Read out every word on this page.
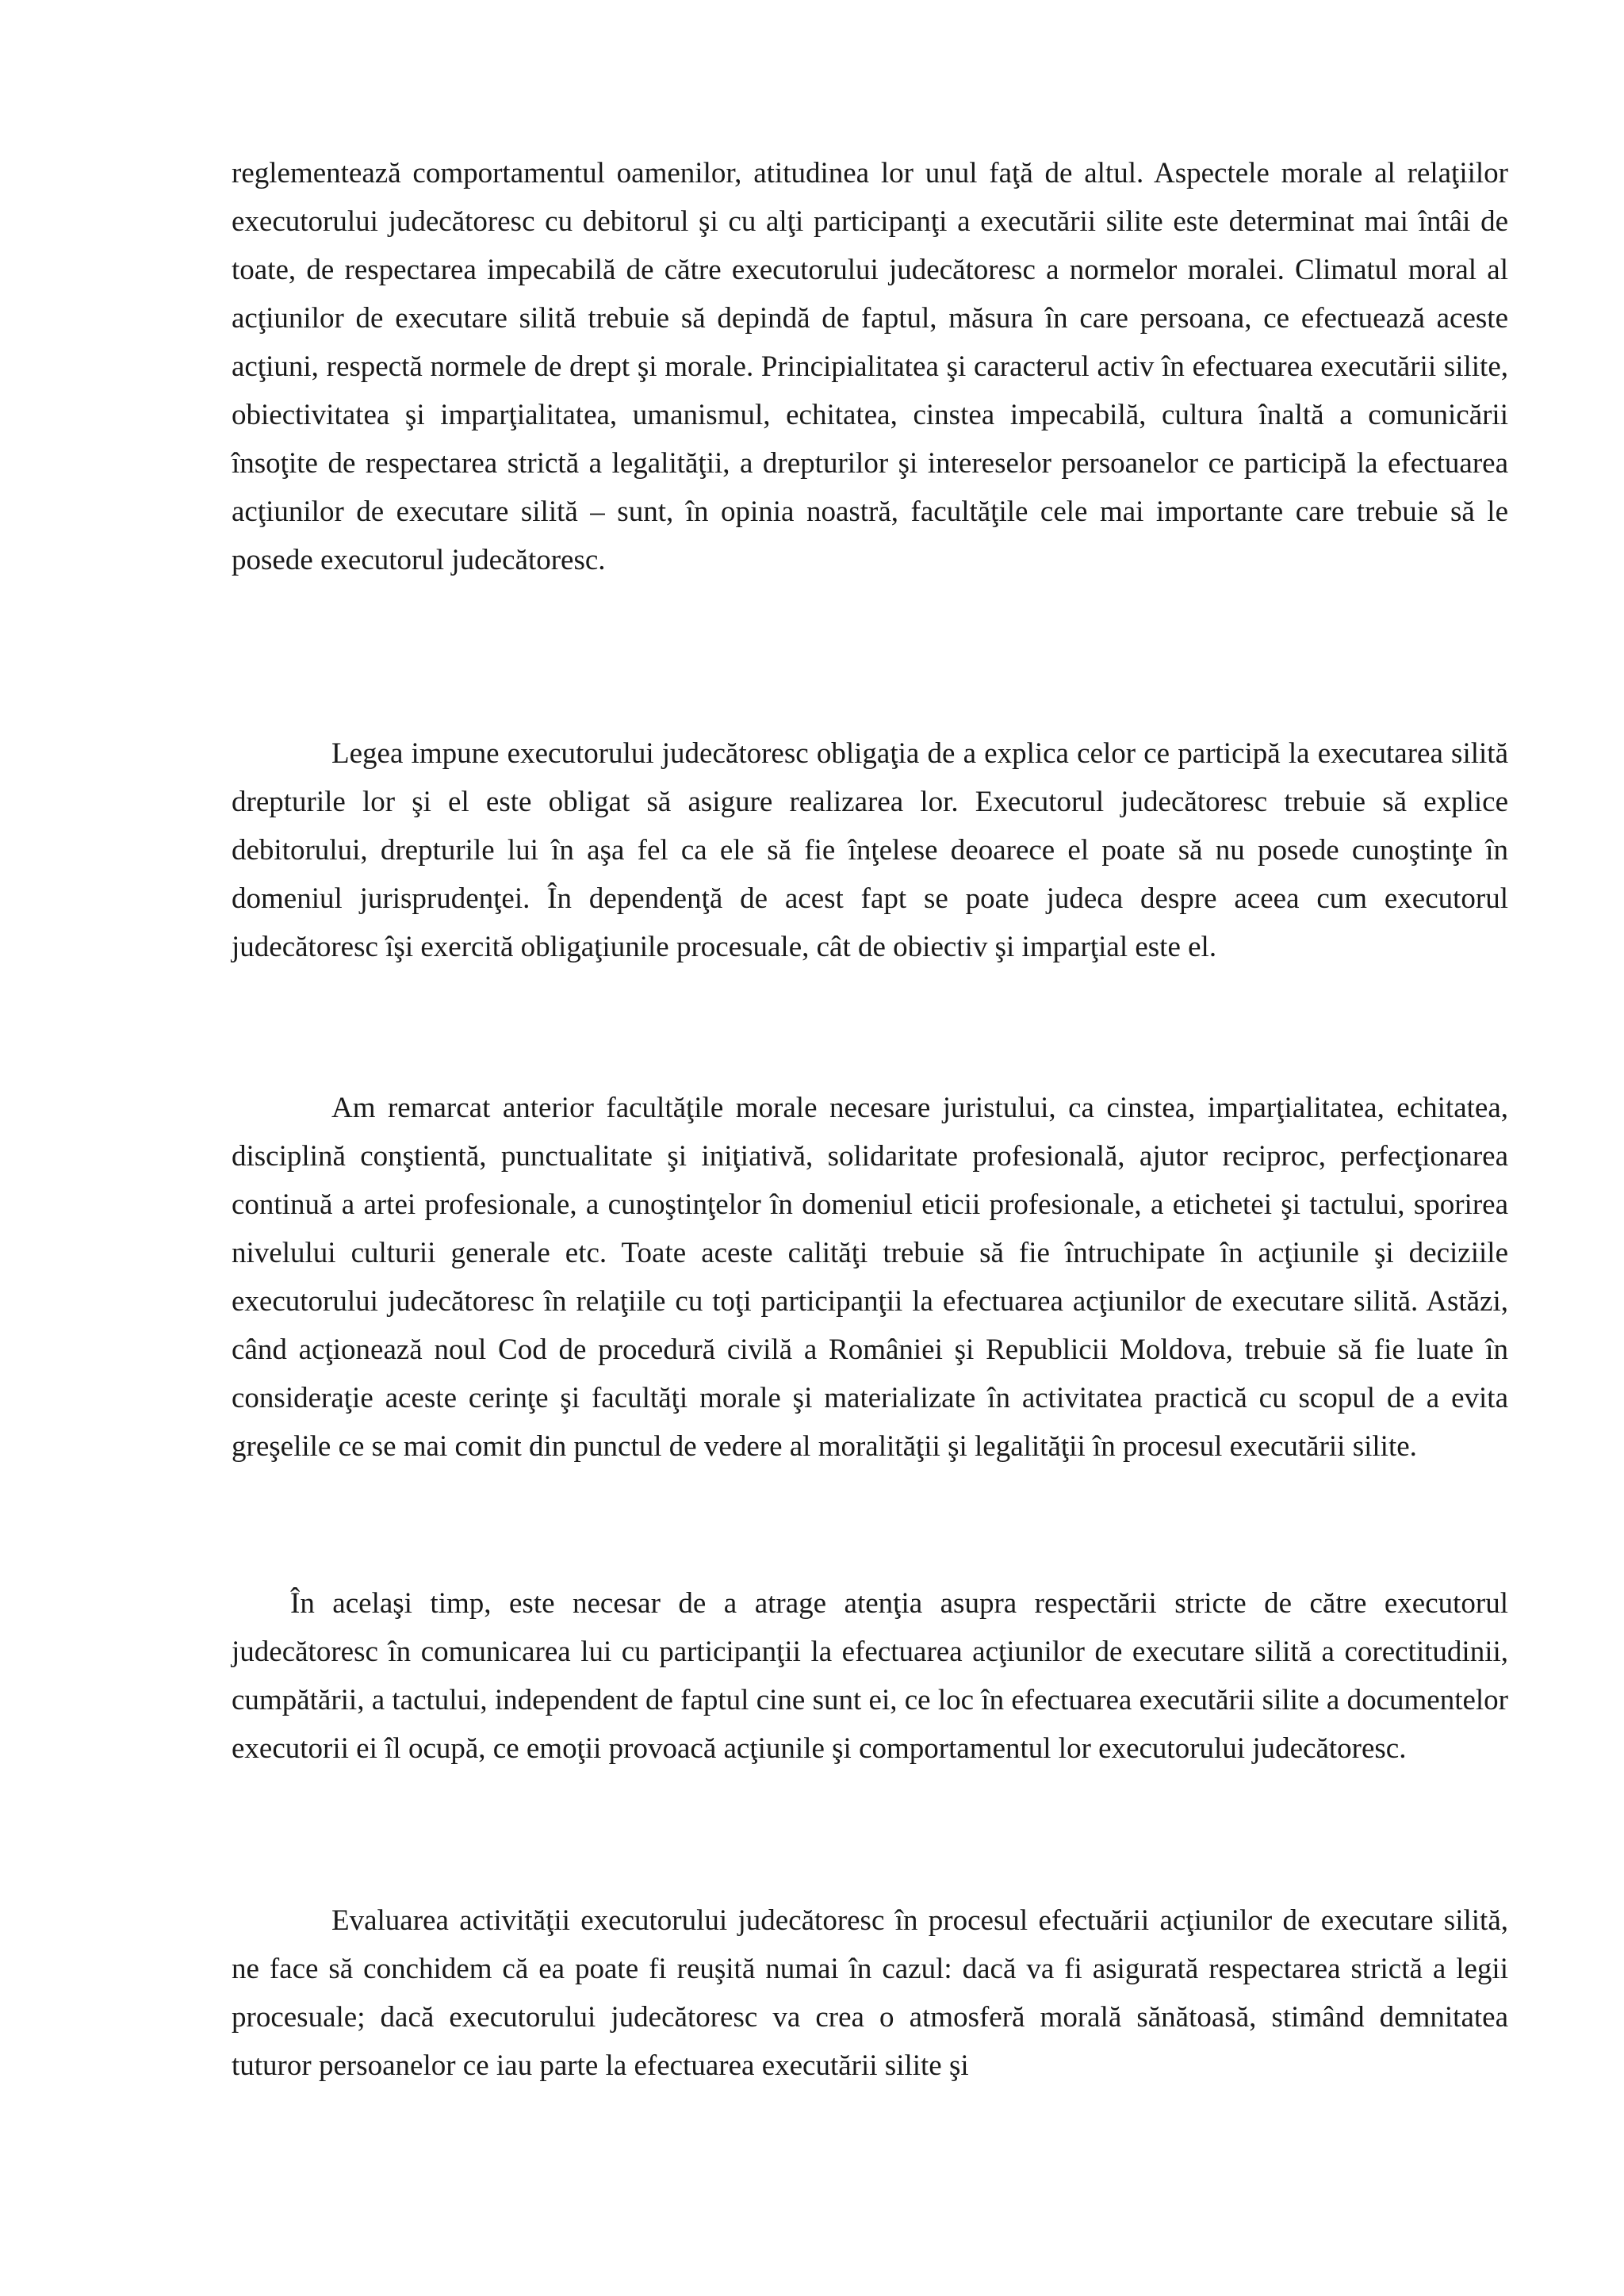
reglementează comportamentul oamenilor, atitudinea lor unul faţă de altul. Aspectele morale al relaţiilor executorului judecătoresc cu debitorul şi cu alţi participanţi a executării silite este determinat mai întâi de toate, de respectarea impecabilă de către executorului judecătoresc a normelor moralei. Climatul moral al acţiunilor de executare silită trebuie să depindă de faptul, măsura în care persoana, ce efectuează aceste acţiuni, respectă normele de drept şi morale. Principialitatea şi caracterul activ în efectuarea executării silite, obiectivitatea şi imparţialitatea, umanismul, echitatea, cinstea impecabilă, cultura înaltă a comunicării însoţite de respectarea strictă a legalităţii, a drepturilor şi intereselor persoanelor ce participă la efectuarea acţiunilor de executare silită – sunt, în opinia noastră, facultăţile cele mai importante care trebuie să le posede executorul judecătoresc.

Legea impune executorului judecătoresc obligaţia de a explica celor ce participă la executarea silită drepturile lor şi el este obligat să asigure realizarea lor. Executorul judecătoresc trebuie să explice debitorului, drepturile lui în aşa fel ca ele să fie înţelese deoarece el poate să nu posede cunoştinţe în domeniul jurisprudenţei. În dependenţă de acest fapt se poate judeca despre aceea cum executorul judecătoresc îşi exercită obligaţiunile procesuale, cât de obiectiv şi imparţial este el.

Am remarcat anterior facultăţile morale necesare juristului, ca cinstea, imparţialitatea, echitatea, disciplină conştientă, punctualitate şi iniţiativă, solidaritate profesională, ajutor reciproc, perfecţionarea continuă a artei profesionale, a cunoştinţelor în domeniul eticii profesionale, a etichetei şi tactului, sporirea nivelului culturii generale etc. Toate aceste calităţi trebuie să fie întruchipate în acţiunile şi deciziile executorului judecătoresc în relaţiile cu toţi participanţii la efectuarea acţiunilor de executare silită. Astăzi, când acţionează noul Cod de procedură civilă a României şi Republicii Moldova, trebuie să fie luate în consideraţie aceste cerinţe şi facultăţi morale şi materializate în activitatea practică cu scopul de a evita greşelile ce se mai comit din punctul de vedere al moralităţii şi legalităţii în procesul executării silite.

În acelaşi timp, este necesar de a atrage atenţia asupra respectării stricte de către executorul judecătoresc în comunicarea lui cu participanţii la efectuarea acţiunilor de executare silită a corectitudinii, cumpătării, a tactului, independent de faptul cine sunt ei, ce loc în efectuarea executării silite a documentelor executorii ei îl ocupă, ce emoţii provoacă acţiunile şi comportamentul lor executorului judecătoresc.

Evaluarea activităţii executorului judecătoresc în procesul efectuării acţiunilor de executare silită, ne face să conchidem că ea poate fi reuşită numai în cazul: dacă va fi asigurată respectarea strictă a legii procesuale; dacă executorului judecătoresc va crea o atmosferă morală sănătoasă, stimând demnitatea tuturor persoanelor ce iau parte la efectuarea executării silite şi
